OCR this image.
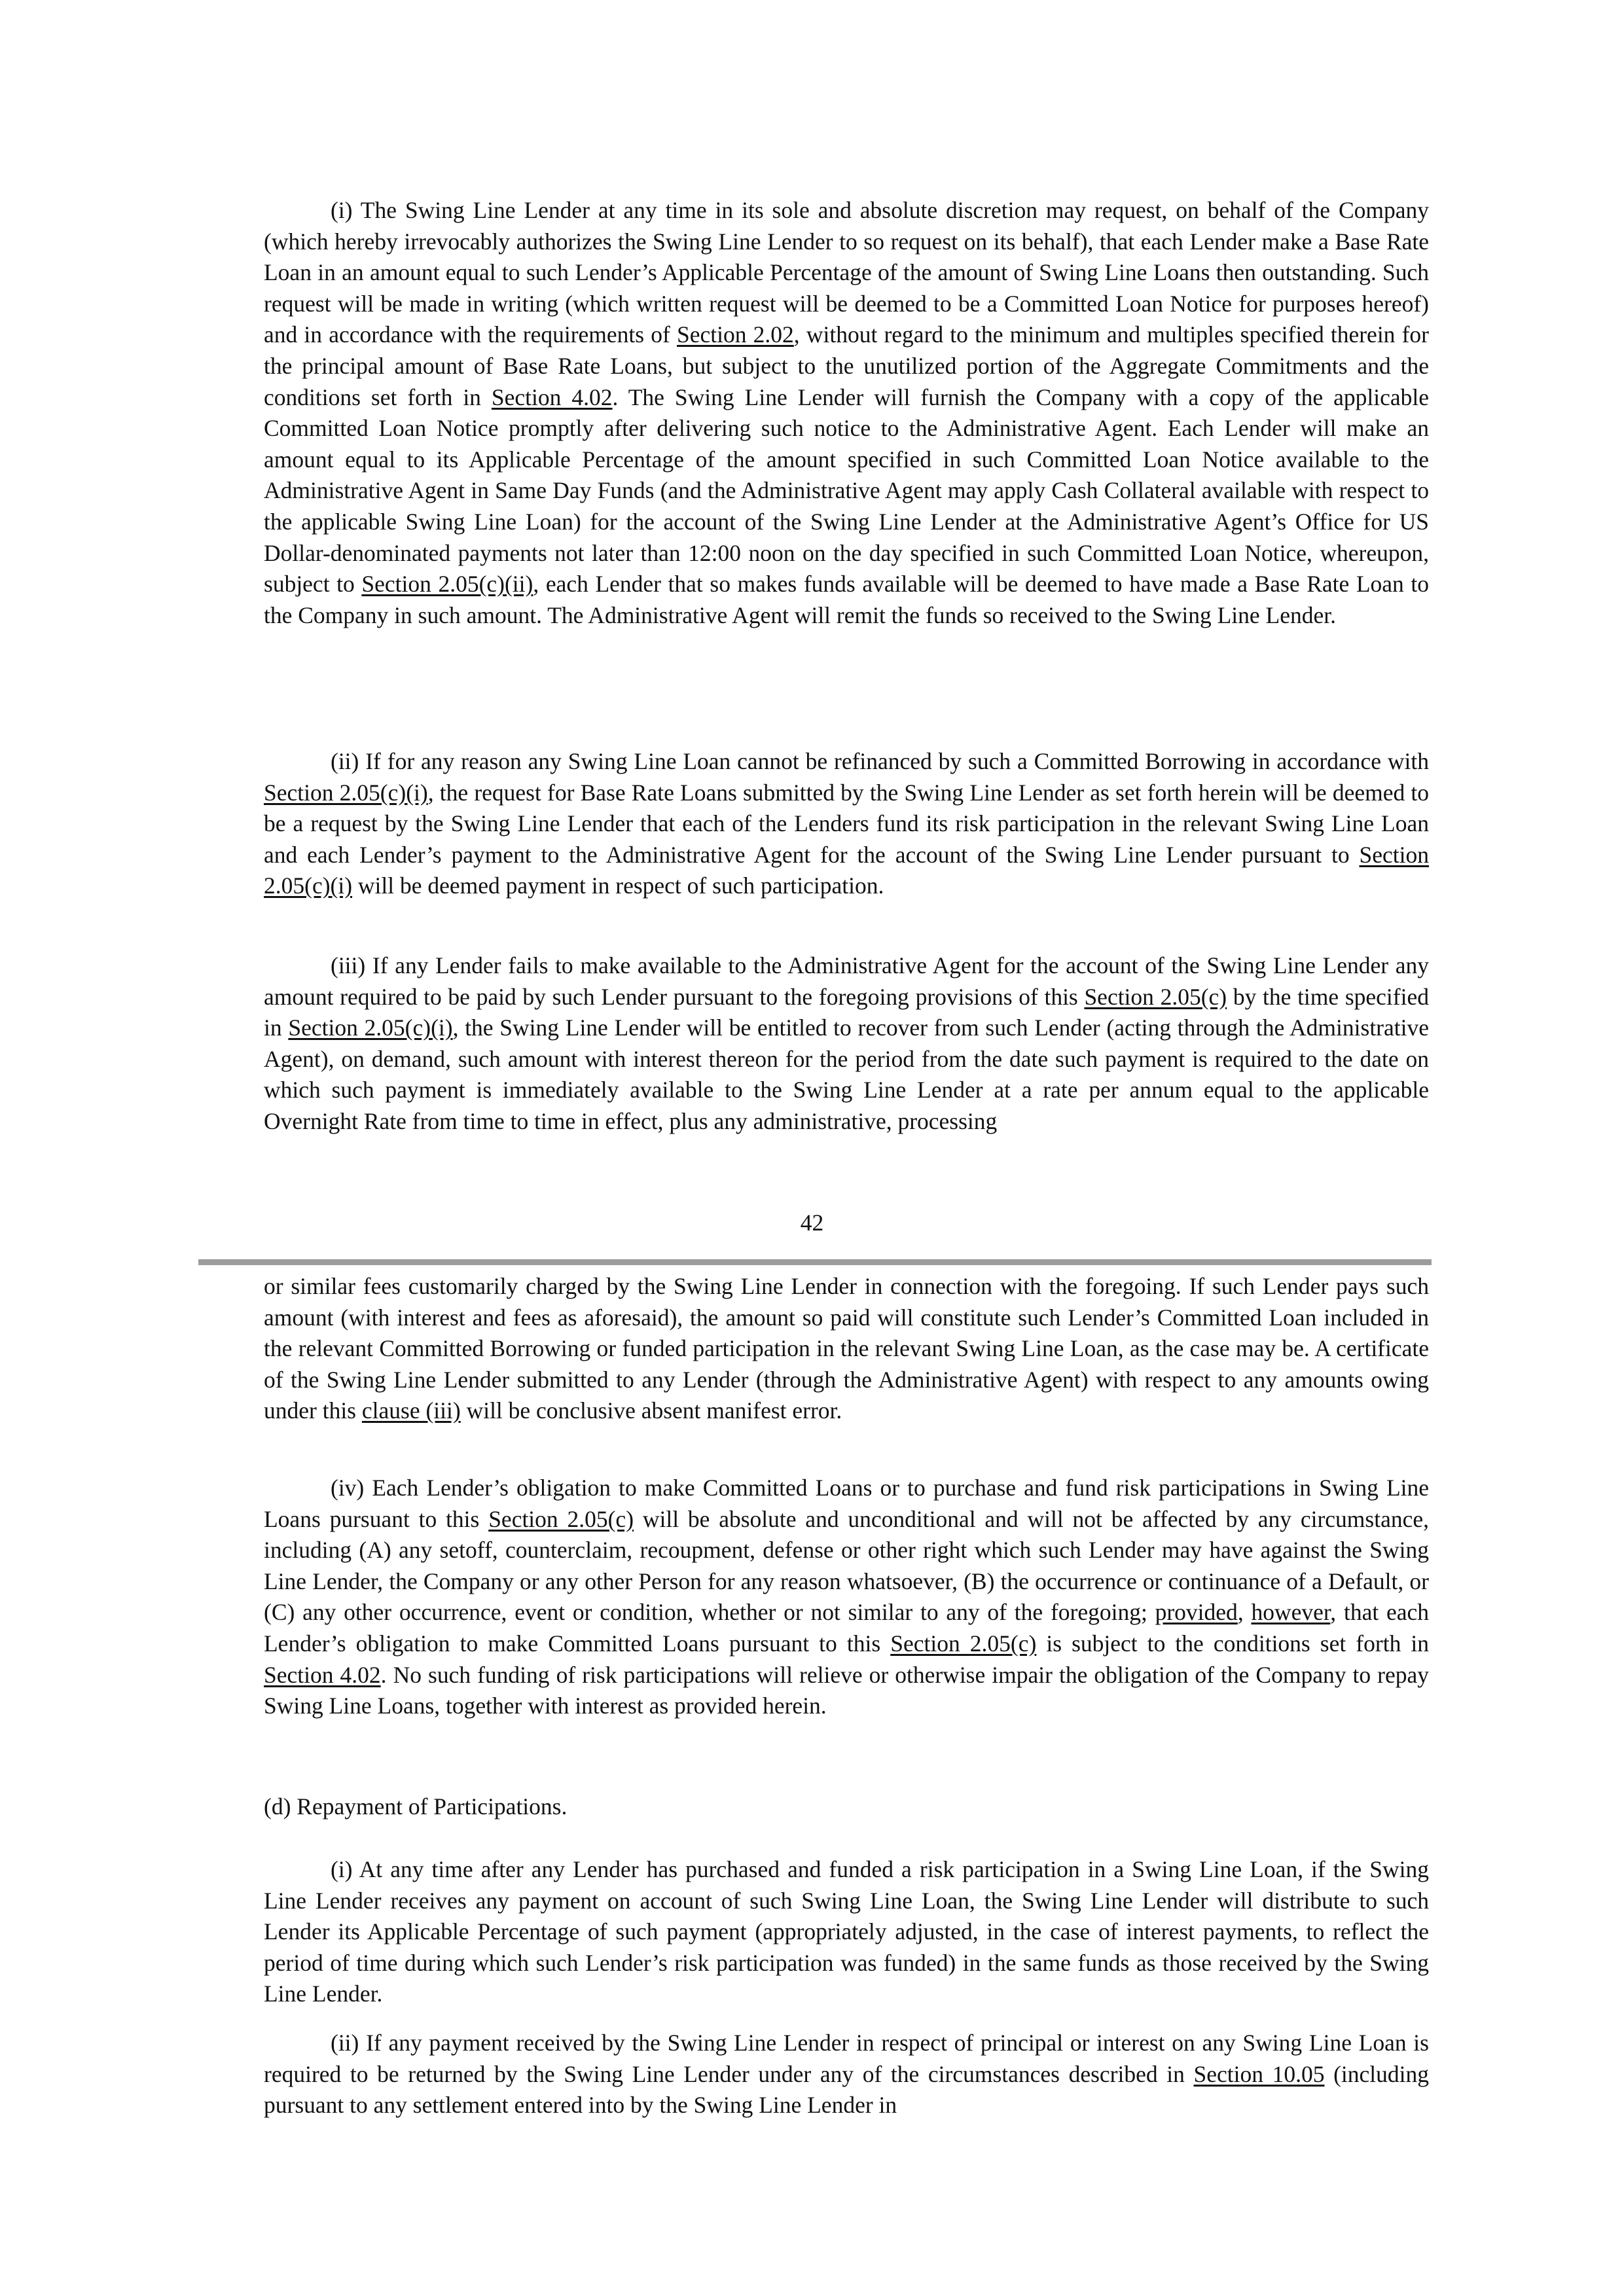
(i) The Swing Line Lender at any time in its sole and absolute discretion may request, on behalf of the Company (which hereby irrevocably authorizes the Swing Line Lender to so request on its behalf), that each Lender make a Base Rate Loan in an amount equal to such Lender’s Applicable Percentage of the amount of Swing Line Loans then outstanding. Such request will be made in writing (which written request will be deemed to be a Committed Loan Notice for purposes hereof) and in accordance with the requirements of Section 2.02, without regard to the minimum and multiples specified therein for the principal amount of Base Rate Loans, but subject to the unutilized portion of the Aggregate Commitments and the conditions set forth in Section 4.02. The Swing Line Lender will furnish the Company with a copy of the applicable Committed Loan Notice promptly after delivering such notice to the Administrative Agent. Each Lender will make an amount equal to its Applicable Percentage of the amount specified in such Committed Loan Notice available to the Administrative Agent in Same Day Funds (and the Administrative Agent may apply Cash Collateral available with respect to the applicable Swing Line Loan) for the account of the Swing Line Lender at the Administrative Agent’s Office for US Dollar-denominated payments not later than 12:00 noon on the day specified in such Committed Loan Notice, whereupon, subject to Section 2.05(c)(ii), each Lender that so makes funds available will be deemed to have made a Base Rate Loan to the Company in such amount. The Administrative Agent will remit the funds so received to the Swing Line Lender.

(ii) If for any reason any Swing Line Loan cannot be refinanced by such a Committed Borrowing in accordance with Section 2.05(c)(i), the request for Base Rate Loans submitted by the Swing Line Lender as set forth herein will be deemed to be a request by the Swing Line Lender that each of the Lenders fund its risk participation in the relevant Swing Line Loan and each Lender’s payment to the Administrative Agent for the account of the Swing Line Lender pursuant to Section 2.05(c)(i) will be deemed payment in respect of such participation.

(iii) If any Lender fails to make available to the Administrative Agent for the account of the Swing Line Lender any amount required to be paid by such Lender pursuant to the foregoing provisions of this Section 2.05(c) by the time specified in Section 2.05(c)(i), the Swing Line Lender will be entitled to recover from such Lender (acting through the Administrative Agent), on demand, such amount with interest thereon for the period from the date such payment is required to the date on which such payment is immediately available to the Swing Line Lender at a rate per annum equal to the applicable Overnight Rate from time to time in effect, plus any administrative, processing

42

or similar fees customarily charged by the Swing Line Lender in connection with the foregoing. If such Lender pays such amount (with interest and fees as aforesaid), the amount so paid will constitute such Lender’s Committed Loan included in the relevant Committed Borrowing or funded participation in the relevant Swing Line Loan, as the case may be. A certificate of the Swing Line Lender submitted to any Lender (through the Administrative Agent) with respect to any amounts owing under this clause (iii) will be conclusive absent manifest error.

(iv) Each Lender’s obligation to make Committed Loans or to purchase and fund risk participations in Swing Line Loans pursuant to this Section 2.05(c) will be absolute and unconditional and will not be affected by any circumstance, including (A) any setoff, counterclaim, recoupment, defense or other right which such Lender may have against the Swing Line Lender, the Company or any other Person for any reason whatsoever, (B) the occurrence or continuance of a Default, or (C) any other occurrence, event or condition, whether or not similar to any of the foregoing; provided, however, that each Lender’s obligation to make Committed Loans pursuant to this Section 2.05(c) is subject to the conditions set forth in Section 4.02. No such funding of risk participations will relieve or otherwise impair the obligation of the Company to repay Swing Line Loans, together with interest as provided herein.

(d) Repayment of Participations.

(i) At any time after any Lender has purchased and funded a risk participation in a Swing Line Loan, if the Swing Line Lender receives any payment on account of such Swing Line Loan, the Swing Line Lender will distribute to such Lender its Applicable Percentage of such payment (appropriately adjusted, in the case of interest payments, to reflect the period of time during which such Lender’s risk participation was funded) in the same funds as those received by the Swing Line Lender.

(ii) If any payment received by the Swing Line Lender in respect of principal or interest on any Swing Line Loan is required to be returned by the Swing Line Lender under any of the circumstances described in Section 10.05 (including pursuant to any settlement entered into by the Swing Line Lender in
